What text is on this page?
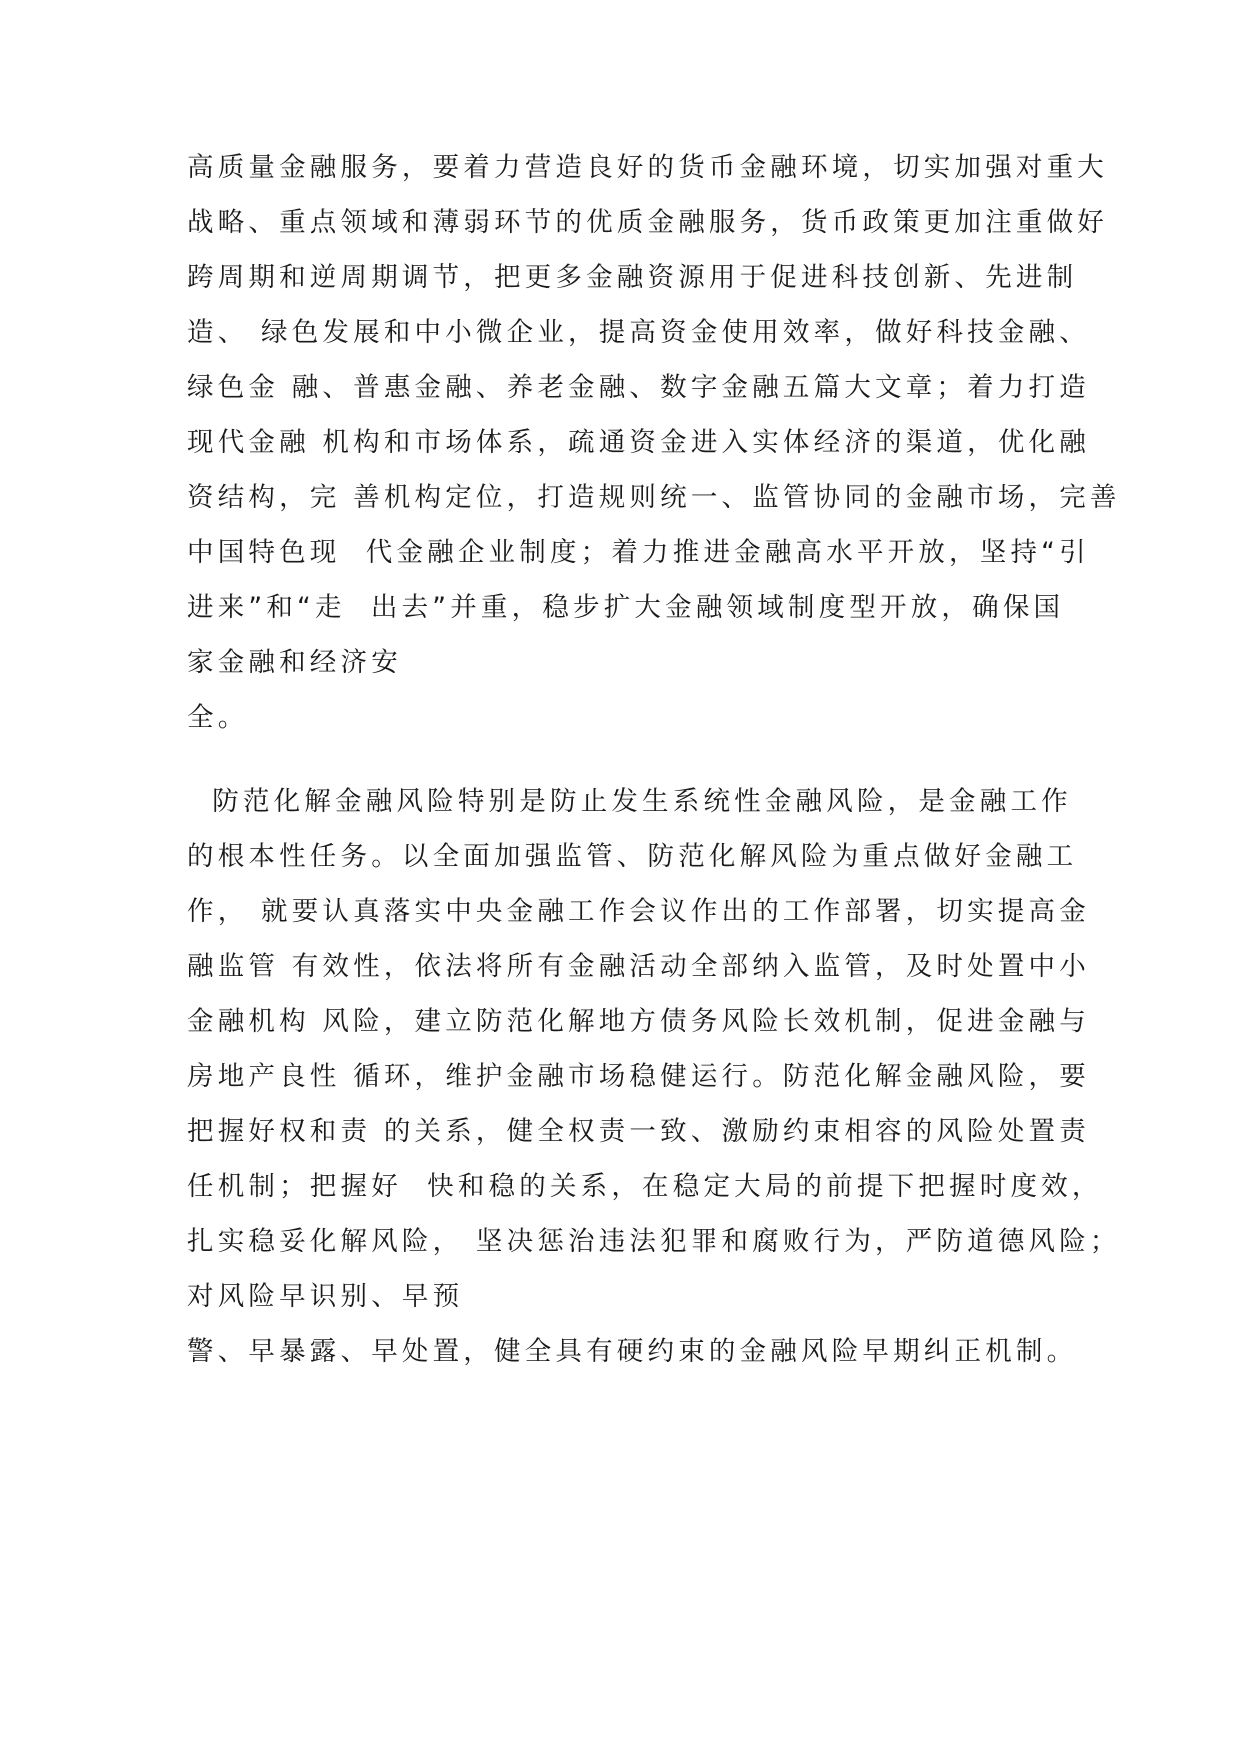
高质量金融服务，要着力营造良好的货币金融环境，切实加强对重大
战略、重点领域和薄弱环节的优质金融服务，货币政策更加注重做好
跨周期和逆周期调节，把更多金融资源用于促进科技创新、先进制
造、 绿色发展和中小微企业，提高资金使用效率，做好科技金融、
绿色金 融、普惠金融、养老金融、数字金融五篇大文章；着力打造
现代金融 机构和市场体系，疏通资金进入实体经济的渠道，优化融
资结构，完 善机构定位，打造规则统一、监管协同的金融市场，完善
中国特色现  代金融企业制度；着力推进金融高水平开放，坚持“引
进来”和“走  出去”并重，稳步扩大金融领域制度型开放，确保国
家金融和经济安
全。
防范化解金融风险特别是防止发生系统性金融风险，是金融工作
的根本性任务。以全面加强监管、防范化解风险为重点做好金融工
作， 就要认真落实中央金融工作会议作出的工作部署，切实提高金
融监管 有效性，依法将所有金融活动全部纳入监管，及时处置中小
金融机构 风险，建立防范化解地方债务风险长效机制，促进金融与
房地产良性 循环，维护金融市场稳健运行。防范化解金融风险，要
把握好权和责 的关系，健全权责一致、激励约束相容的风险处置责
任机制；把握好  快和稳的关系，在稳定大局的前提下把握时度效，
扎实稳妥化解风险， 坚决惩治违法犯罪和腐败行为，严防道德风险；
对风险早识别、早预
警、早暴露、早处置，健全具有硬约束的金融风险早期纠正机制。
